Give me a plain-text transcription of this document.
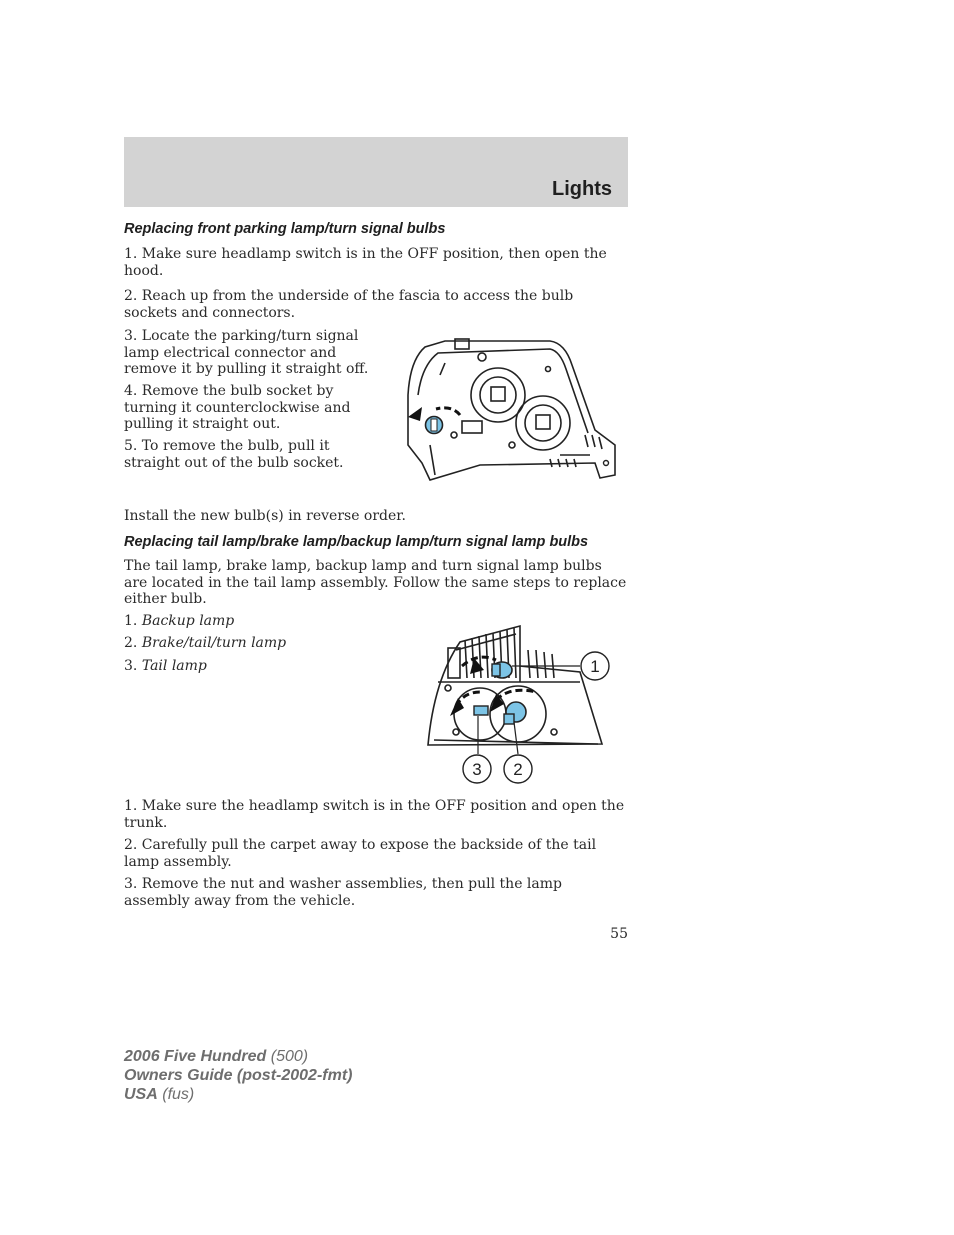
Lights
Replacing front parking lamp/turn signal bulbs
1. Make sure headlamp switch is in the OFF position, then open the hood.
2. Reach up from the underside of the fascia to access the bulb sockets and connectors.
3. Locate the parking/turn signal lamp electrical connector and remove it by pulling it straight off.
4. Remove the bulb socket by turning it counterclockwise and pulling it straight out.
5. To remove the bulb, pull it straight out of the bulb socket.
Install the new bulb(s) in reverse order.
Replacing tail lamp/brake lamp/backup lamp/turn signal lamp bulbs
The tail lamp, brake lamp, backup lamp and turn signal lamp bulbs are located in the tail lamp assembly. Follow the same steps to replace either bulb.
1. Backup lamp
2. Brake/tail/turn lamp
3. Tail lamp	1
3 2
1. Make sure the headlamp switch is in the OFF position and open the trunk.
2. Carefully pull the carpet away to expose the backside of the tail lamp assembly.
3. Remove the nut and washer assemblies, then pull the lamp assembly away from the vehicle.
55
2006 Five Hundred (500)
Owners Guide (post-2002-fmt)
USA (fus)
